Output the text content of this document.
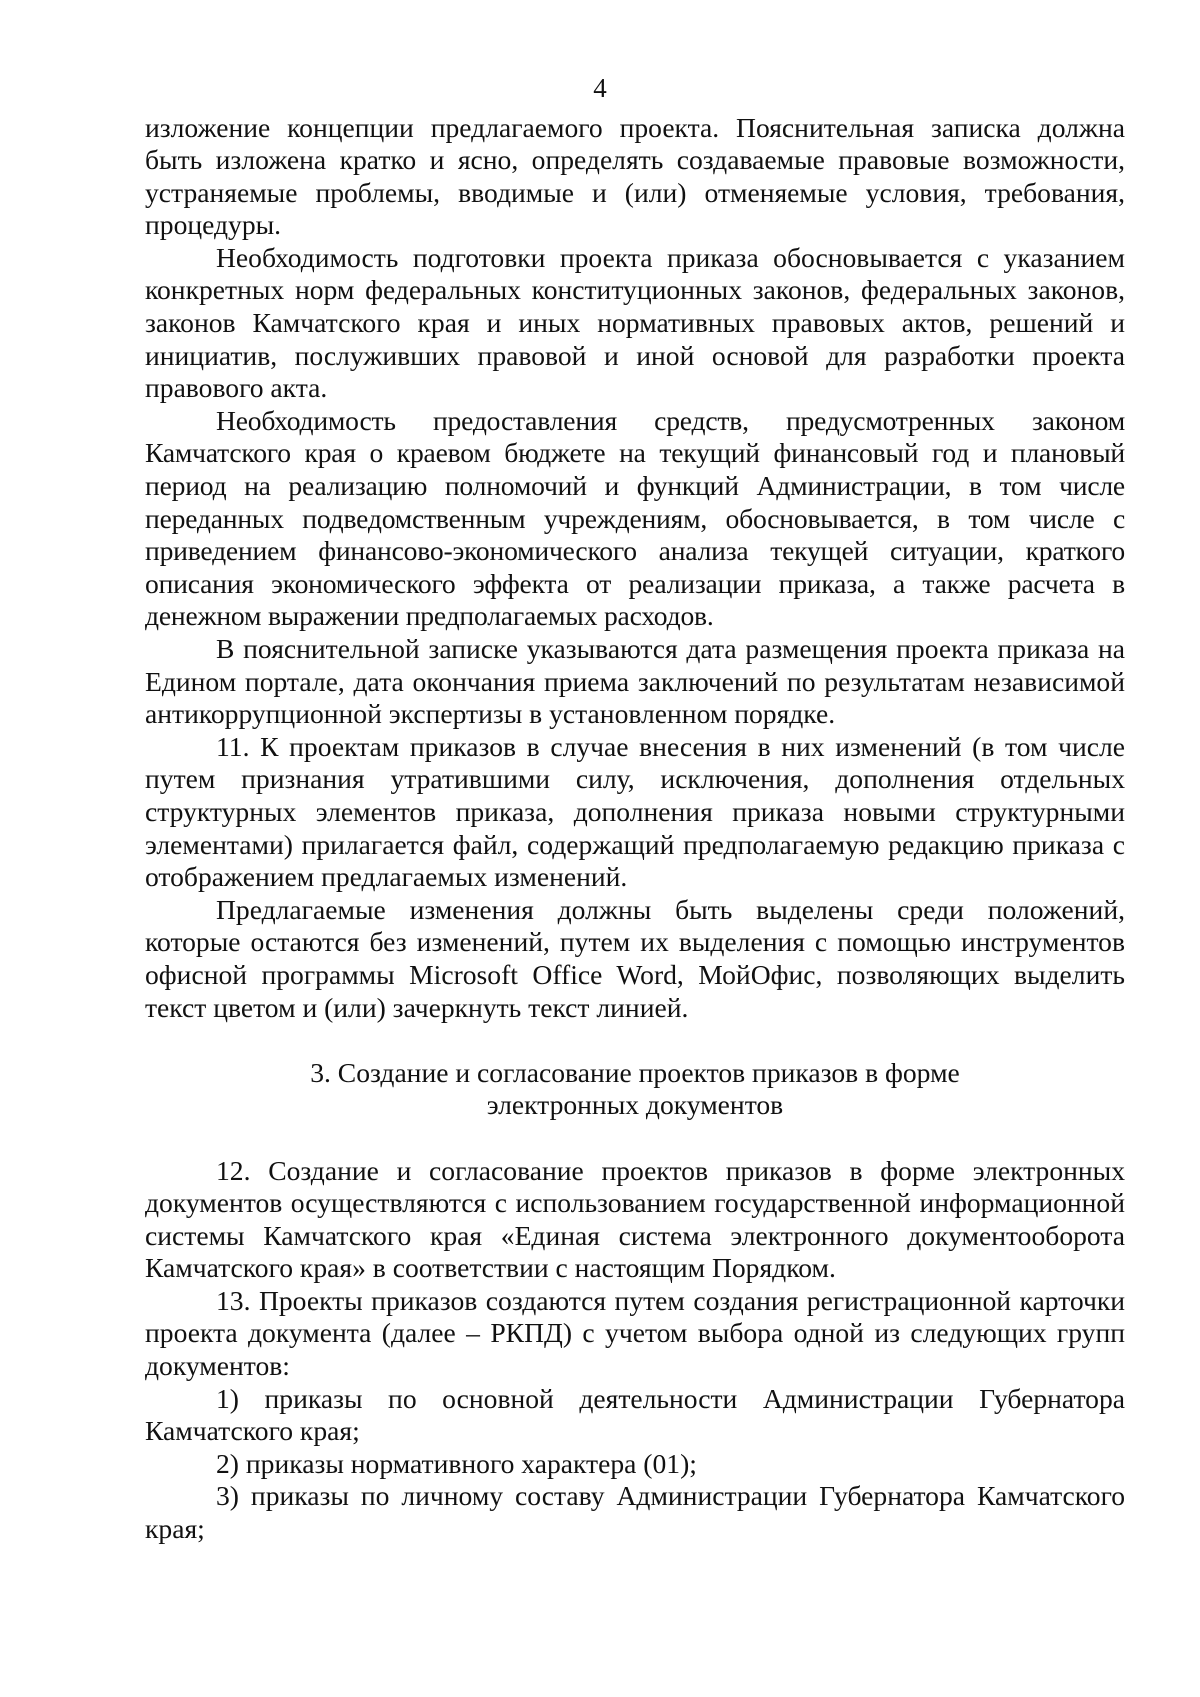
4

изложение концепции предлагаемого проекта. Пояснительная записка должна быть изложена кратко и ясно, определять создаваемые правовые возможности, устраняемые проблемы, вводимые и (или) отменяемые условия, требования, процедуры.

Необходимость подготовки проекта приказа обосновывается с указанием конкретных норм федеральных конституционных законов, федеральных законов, законов Камчатского края и иных нормативных правовых актов, решений и инициатив, послуживших правовой и иной основой для разработки проекта правового акта.

Необходимость предоставления средств, предусмотренных законом Камчатского края о краевом бюджете на текущий финансовый год и плановый период на реализацию полномочий и функций Администрации, в том числе переданных подведомственным учреждениям, обосновывается, в том числе с приведением финансово-экономического анализа текущей ситуации, краткого описания экономического эффекта от реализации приказа, а также расчета в денежном выражении предполагаемых расходов.

В пояснительной записке указываются дата размещения проекта приказа на Едином портале, дата окончания приема заключений по результатам независимой антикоррупционной экспертизы в установленном порядке.

11. К проектам приказов в случае внесения в них изменений (в том числе путем признания утратившими силу, исключения, дополнения отдельных структурных элементов приказа, дополнения приказа новыми структурными элементами) прилагается файл, содержащий предполагаемую редакцию приказа с отображением предлагаемых изменений.

Предлагаемые изменения должны быть выделены среди положений, которые остаются без изменений, путем их выделения с помощью инструментов офисной программы Microsoft Office Word, МойОфис, позволяющих выделить текст цветом и (или) зачеркнуть текст линией.

3. Создание и согласование проектов приказов в форме
электронных документов

12. Создание и согласование проектов приказов в форме электронных документов осуществляются с использованием государственной информационной системы Камчатского края «Единая система электронного документооборота Камчатского края» в соответствии с настоящим Порядком.

13. Проекты приказов создаются путем создания регистрационной карточки проекта документа (далее – РКПД) с учетом выбора одной из следующих групп документов:

1) приказы по основной деятельности Администрации Губернатора Камчатского края;

2) приказы нормативного характера (01);

3) приказы по личному составу Администрации Губернатора Камчатского края;
